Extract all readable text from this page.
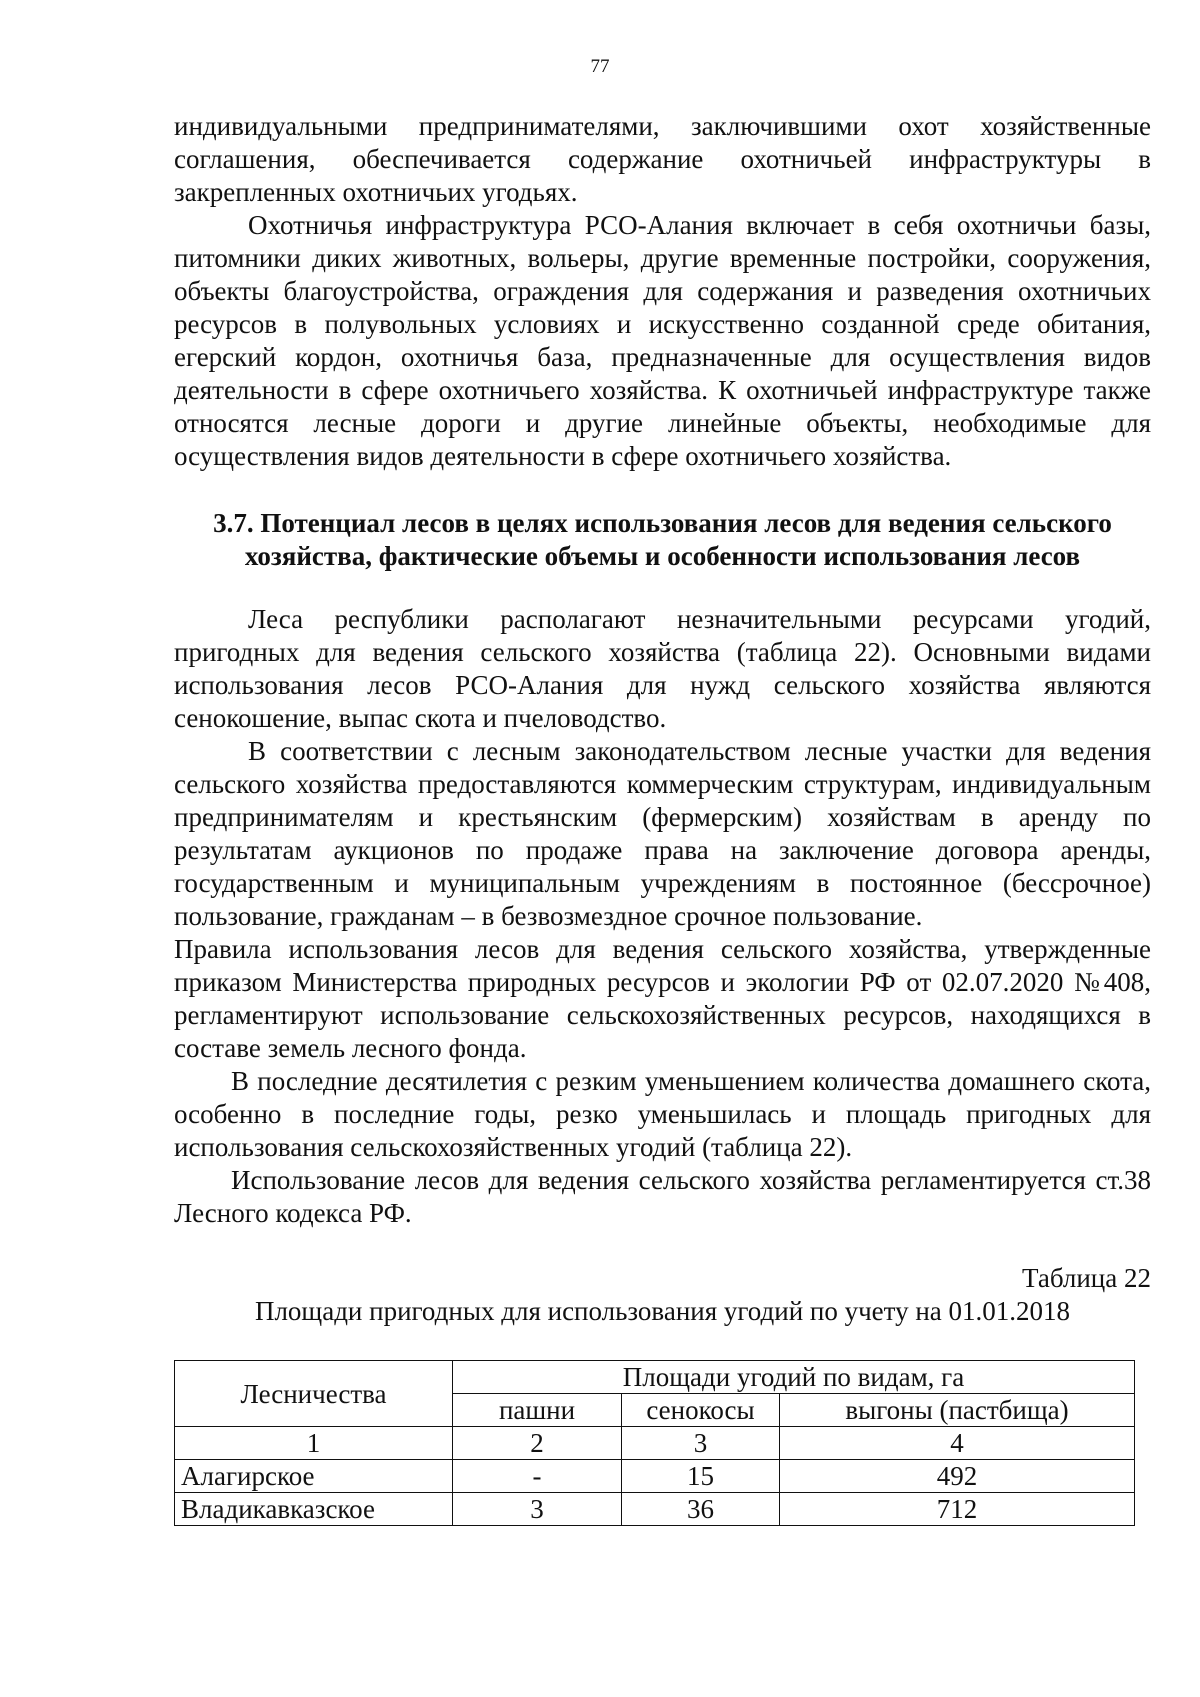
77

индивидуальными предпринимателями, заключившими охот хозяйственные соглашения, обеспечивается содержание охотничьей инфраструктуры в закрепленных охотничьих угодьях.

Охотничья инфраструктура РСО-Алания включает в себя охотничьи базы, питомники диких животных, вольеры, другие временные постройки, сооружения, объекты благоустройства, ограждения для содержания и разведения охотничьих ресурсов в полувольных условиях и искусственно созданной среде обитания, егерский кордон, охотничья база, предназначенные для осуществления видов деятельности в сфере охотничьего хозяйства. К охотничьей инфраструктуре также относятся лесные дороги и другие линейные объекты, необходимые для осуществления видов деятельности в сфере охотничьего хозяйства.

3.7. Потенциал лесов в целях использования лесов для ведения сельского
хозяйства, фактические объемы и особенности использования лесов

Леса республики располагают незначительными ресурсами угодий, пригодных для ведения сельского хозяйства (таблица 22). Основными видами использования лесов РСО-Алания для нужд сельского хозяйства являются сенокошение, выпас скота и пчеловодство.

В соответствии с лесным законодательством лесные участки для ведения сельского хозяйства предоставляются коммерческим структурам, индивидуальным предпринимателям и крестьянским (фермерским) хозяйствам в аренду по результатам аукционов по продаже права на заключение договора аренды, государственным и муниципальным учреждениям в постоянное (бессрочное) пользование, гражданам – в безвозмездное срочное пользование.

Правила использования лесов для ведения сельского хозяйства, утвержденные приказом Министерства природных ресурсов и экологии РФ от 02.07.2020 №408, регламентируют использование сельскохозяйственных ресурсов, находящихся в составе земель лесного фонда.

В последние десятилетия с резким уменьшением количества домашнего скота, особенно в последние годы, резко уменьшилась и площадь пригодных для использования сельскохозяйственных угодий (таблица 22).

Использование лесов для ведения сельского хозяйства регламентируется ст.38 Лесного кодекса РФ.

Таблица 22
Площади пригодных для использования угодий по учету на 01.01.2018
Лесничества	Площади угодий по видам, га		
	пашни	сенокосы	выгоны (пастбища)
1	2	3	4
Алагирское	-	15	492
Владикавказское	3	36	712
